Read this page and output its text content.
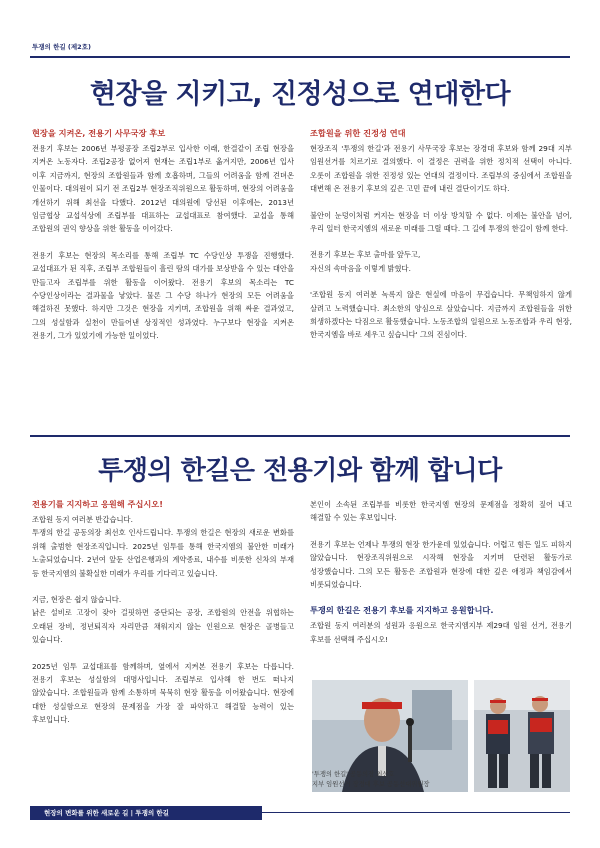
투쟁의 한길 (제2호)
현장을 지키고, 진정성으로 연대한다
현장을 지켜온, 전용기 사무국장 후보

전용기 후보는 2006년 부평공장 조립2부로 입사한 이래, 한결같이 조립 현장을 지켜온 노동자다. 조립2공장 없어져 현재는 조립1부로 옮겨지만, 2006년 입사 이후 지금까지, 현장의 조합원들과 함께 호흡하며, 그들의 어려움을 함께 견뎌온 인물이다. 대의원이 되기 전 조립2부 현장조직위원으로 활동하며, 현장의 어려움을 개선하기 위해 최선을 다했다. 2012년 대의원에 당선된 이후에는, 2013년 임금협상 교섭석상에 조립부를 대표하는 교섭대표로 참여했다. 교섭을 통해 조합원의 권익 향상을 위한 활동을 이어갔다.

전용기 후보는 현장의 목소리를 통해 조립부 TC 수당인상 투쟁을 진행했다. 교섭대표가 된 직후, 조립부 조합원들이 흘린 땀의 대가를 보상받을 수 있는 대안을 만들고자 조립부를 위한 활동을 이어왔다. 전용기 후보의 목소리는 TC 수당인상이라는 결과물을 낳았다. 물론 그 수당 하나가 현장의 모든 어려움을 해결하진 못했다. 하지만 그것은 현장을 지키며, 조합원을 위해 싸운 결과였고, 그의 성실함과 실천이 만들어낸 상징적인 성과였다. 누구보다 현장을 지켜온 전용기, 그가 있었기에 가능한 일이었다.

조합원을 위한 진정성 연대

현장조직 '투쟁의 한길'과 전용기 사무국장 후보는 장경대 후보와 함께 29대 지부 임원선거를 치르기로 결의했다. 이 결정은 권력을 위한 정치적 선택이 아니다. 오롯이 조합원을 위한 진정성 있는 연대의 결정이다. 조립부의 중심에서 조합원을 대변해 온 전용기 후보의 깊은 고민 끝에 내린 결단이기도 하다.

불안이 눈덩이처럼 커지는 현장을 더 이상 방치할 수 없다. 이제는 불안을 넘어, 우리 일터 한국지엠의 새로운 미래를 그릴 때다. 그 길에 투쟁의 한길이 함께 한다.

전용기 후보는 후보 출마를 앞두고,

자신의 속마음을 이렇게 밝혔다.

'조합원 동지 여러분 녹록지 않은 현실에 마음이 무겁습니다. 무책임하지 않게 살려고 노력했습니다. 최소한의 양심으로 살았습니다. 지금까지 조합원들을 위한 희생하겠다는 다짐으로 활동했습니다. 노동조합의 일원으로 노동조합과 우리 현장, 한국지엠을 바로 세우고 싶습니다' 그의 진심이다.

투쟁의 한길은 전용기와 함께 합니다
전용기를 지지하고 응원해 주십시오!

조합원 동지 여러분 반갑습니다.

투쟁의 한길 공동의장 최선호 인사드립니다. 투쟁의 한길은 현장의 새로운 변화를 위해 출범한 현장조직입니다. 2025년 임투를 통해 한국지엠의 불안한 미래가 노출되었습니다. 2년여 앞둔 산업은행과의 계약종료, 내수를 비롯한 신차의 부재 등 한국지엠의 불확실한 미래가 우리를 기다리고 있습니다.

지금, 현장은 쉽지 않습니다.

낡은 설비로 고장이 잦아 걸핏하면 중단되는 공장, 조합원의 안전을 위협하는 오래된 장비, 정년퇴직자 자리만큼 채워지지 않는 인원으로 현장은 골병들고 있습니다.

2025년 임투 교섭대표를 함께하며, 옆에서 지켜본 전용기 후보는 다릅니다. 전용기 후보는 성실함의 대명사입니다. 조립부로 입사해 한 번도 떠나지 않았습니다. 조합원들과 함께 소통하며 묵묵히 현장 활동을 이어왔습니다. 현장에 대한 성실함으로 현장의 문제점을 가장 잘 파악하고 해결할 능력이 있는 후보입니다.

본인이 소속된 조립부를 비롯한 한국지엠 현장의 문제점을 정확히 짚어 내고 해결할 수 있는 후보입니다.

전용기 후보는 언제나 투쟁의 현장 한가운데 있었습니다. 어렵고 힘든 일도 피하지 않았습니다. 현장조직위원으로 시작해 현장을 지키며 단련된 활동가로 성장했습니다. 그의 모든 활동은 조합원과 현장에 대한 깊은 애정과 책임감에서 비롯되었습니다.

투쟁의 한길은 전용기 후보를 지지하고 응원합니다.

조합원 동지 여러분의 성원과 응원으로 한국지엠지부 제29대 임원 선거, 전용기 후보를 선택해 주십시오!

'투쟁의 한길' 공동의장 최선호
지부 임원선거 장경대 후보 공동선대위원장
현장의 변화를 위한 새로운 길 | 투쟁의 한길
